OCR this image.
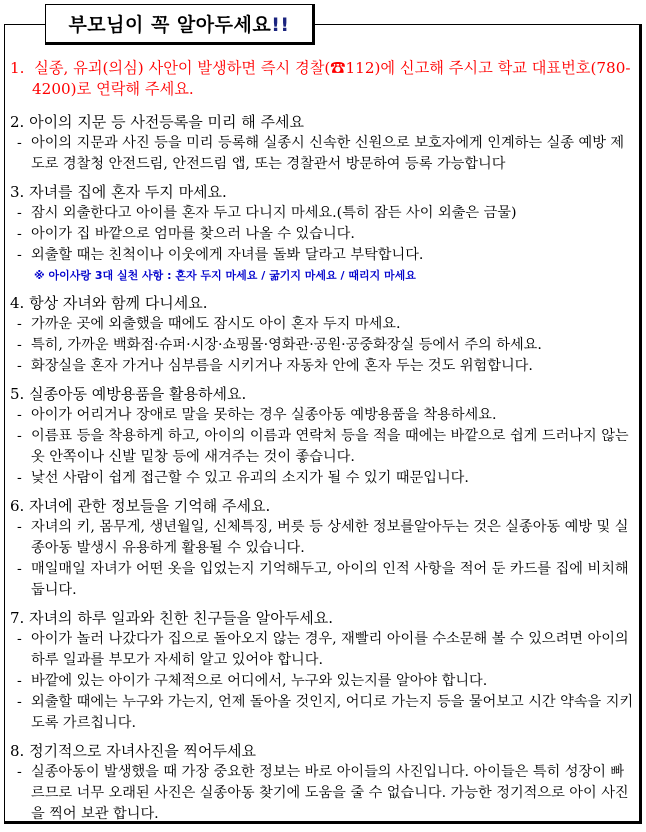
부모님이 꼭 알아두세요!!
1. 실종, 유괴(의심) 사안이 발생하면 즉시 경찰(☎112)에 신고해 주시고 학교 대표번호(780-4200)로 연락해 주세요.
2. 아이의 지문 등 사전등록을 미리 해 주세요
- 아이의 지문과 사진 등을 미리 등록해 실종시 신속한 신원으로 보호자에게 인계하는 실종 예방 제도로 경찰청 안전드림, 안전드림 앱, 또는 경찰관서 방문하여 등록 가능합니다
3. 자녀를 집에 혼자 두지 마세요.
- 잠시 외출한다고 아이를 혼자 두고 다니지 마세요.(특히 잠든 사이 외출은 금물)
- 아이가 집 바깥으로 엄마를 찾으러 나올 수 있습니다.
- 외출할 때는 친척이나 이웃에게 자녀를 돌봐 달라고 부탁합니다.
※ 아이사랑 3대 실천 사항 : 혼자 두지 마세요 / 굶기지 마세요 / 때리지 마세요
4. 항상 자녀와 함께 다니세요.
- 가까운 곳에 외출했을 때에도 잠시도 아이 혼자 두지 마세요.
- 특히, 가까운 백화점·슈퍼·시장·쇼핑몰·영화관·공원·공중화장실 등에서 주의 하세요.
- 화장실을 혼자 가거나 심부름을 시키거나 자동차 안에 혼자 두는 것도 위험합니다.
5. 실종아동 예방용품을 활용하세요.
- 아이가 어리거나 장애로 말을 못하는 경우 실종아동 예방용품을 착용하세요.
- 이름표 등을 착용하게 하고, 아이의 이름과 연락처 등을 적을 때에는 바깥으로 쉽게 드러나지 않는 옷 안쪽이나 신발 밑창 등에 새겨주는 것이 좋습니다.
- 낯선 사람이 쉽게 접근할 수 있고 유괴의 소지가 될 수 있기 때문입니다.
6. 자녀에 관한 정보들을 기억해 주세요.
- 자녀의 키, 몸무게, 생년월일, 신체특징, 버릇 등 상세한 정보를알아두는 것은 실종아동 예방 및 실종아동 발생시 유용하게 활용될 수 있습니다.
- 매일매일 자녀가 어떤 옷을 입었는지 기억해두고, 아이의 인적 사항을 적어 둔 카드를 집에 비치해 둡니다.
7. 자녀의 하루 일과와 친한 친구들을 알아두세요.
- 아이가 놀러 나갔다가 집으로 돌아오지 않는 경우, 재빨리 아이를 수소문해 볼 수 있으려면 아이의 하루 일과를 부모가 자세히 알고 있어야 합니다.
- 바깥에 있는 아이가 구체적으로 어디에서, 누구와 있는지를 알아야 합니다.
- 외출할 때에는 누구와 가는지, 언제 돌아올 것인지, 어디로 가는지 등을 물어보고 시간 약속을 지키도록 가르칩니다.
8. 정기적으로 자녀사진을 찍어두세요
- 실종아동이 발생했을 때 가장 중요한 정보는 바로 아이들의 사진입니다. 아이들은 특히 성장이 빠르므로 너무 오래된 사진은 실종아동 찾기에 도움을 줄 수 없습니다. 가능한 정기적으로 아이 사진을 찍어 보관 합니다.
